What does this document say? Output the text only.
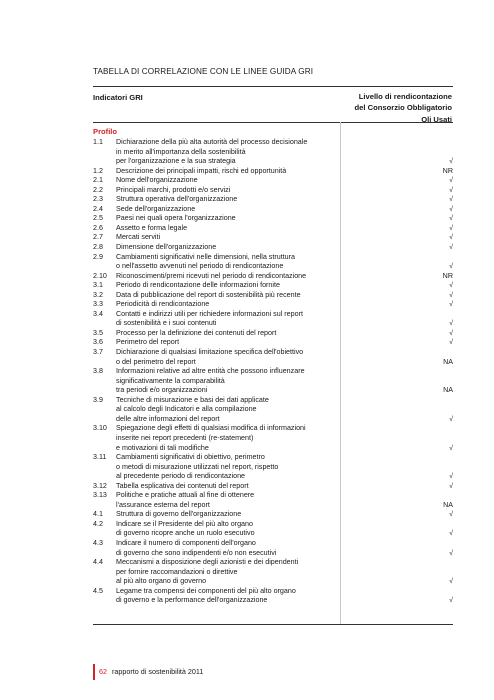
TABELLA DI CORRELAZIONE CON LE LINEE GUIDA GRI
Indicatori GRI	Livello di rendicontazione
del Consorzio Obbligatorio
Oli Usati
Profilo
1.1	Dichiarazione della più alta autorità del processo decisionale
in merito all'importanza della sostenibilità
per l'organizzazione e la sua strategia	√
1.2	Descrizione dei principali impatti, rischi ed opportunità	NR
2.1	Nome dell'organizzazione	√
2.2	Principali marchi, prodotti e/o servizi	√
2.3	Struttura operativa dell'organizzazione	√
2.4	Sede dell'organizzazione	√
2.5	Paesi nei quali opera l'organizzazione	√
2.6	Assetto e forma legale	√
2.7	Mercati serviti	√
2.8	Dimensione dell'organizzazione	√
2.9	Cambiamenti significativi nelle dimensioni, nella struttura
o nell'assetto avvenuti nel periodo di rendicontazione	√
2.10	Riconoscimenti/premi ricevuti nel periodo di rendicontazione	NR
3.1	Periodo di rendicontazione delle informazioni fornite	√
3.2	Data di pubblicazione del report di sostenibilità più recente	√
3.3	Periodicità di rendicontazione	√
3.4	Contatti e indirizzi utili per richiedere informazioni sul report
di sostenibilità e i suoi contenuti	√
3.5	Processo per la definizione dei contenuti del report	√
3.6	Perimetro del report	√
3.7	Dichiarazione di qualsiasi limitazione specifica dell'obiettivo
o del perimetro del report	NA
3.8	Informazioni relative ad altre entità che possono influenzare
significativamente la comparabilità
tra periodi e/o organizzazioni	NA
3.9	Tecniche di misurazione e basi dei dati applicate
al calcolo degli Indicatori e alla compilazione
delle altre informazioni del report	√
3.10	Spiegazione degli effetti di qualsiasi modifica di informazioni
inserite nei report precedenti (re-statement)
e motivazioni di tali modifiche	√
3.11	Cambiamenti significativi di obiettivo, perimetro
o metodi di misurazione utilizzati nel report, rispetto
al precedente periodo di rendicontazione	√
3.12	Tabella esplicativa dei contenuti del report	√
3.13	Politiche e pratiche attuali al fine di ottenere
l'assurance esterna del report	NA
4.1	Struttura di governo dell'organizzazione	√
4.2	Indicare se il Presidente del più alto organo
di governo ricopre anche un ruolo esecutivo	√
4.3	Indicare il numero di componenti dell'organo
di governo che sono indipendenti e/o non esecutivi	√
4.4	Meccanismi a disposizione degli azionisti e dei dipendenti
per fornire raccomandazioni o direttive
al più alto organo di governo	√
4.5	Legame tra compensi dei componenti del più alto organo
di governo e la performance dell'organizzazione	√
62 rapporto di sostenibilità 2011
